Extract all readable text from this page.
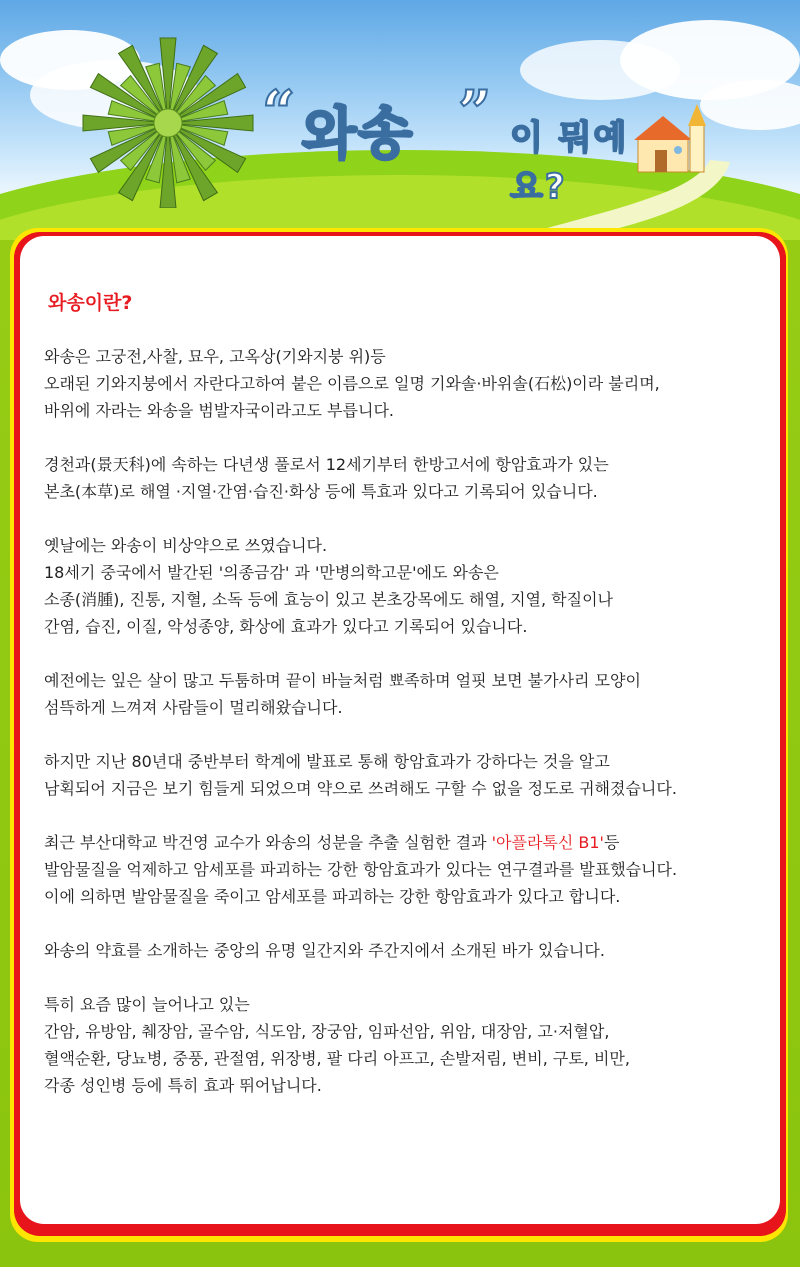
“ 와송 ” 이 뭐예요?
와송이란?

와송은 고궁전,사찰, 묘우, 고옥상(기와지붕 위)등
오래된 기와지붕에서 자란다고하여 붙은 이름으로 일명 기와솔·바위솔(石松)이라 불리며,
바위에 자라는 와송을 범발자국이라고도 부릅니다.

경천과(景天科)에 속하는 다년생 풀로서 12세기부터 한방고서에 항암효과가 있는
본초(本草)로 해열 ·지열·간염·습진·화상 등에 특효과 있다고 기록되어 있습니다.

옛날에는 와송이 비상약으로 쓰였습니다.
18세기 중국에서 발간된 '의종금감' 과 '만병의학고문'에도 와송은
소종(消腫), 진통, 지혈, 소독 등에 효능이 있고 본초강목에도 해열, 지열, 학질이나
간염, 습진, 이질, 악성종양, 화상에 효과가 있다고 기록되어 있습니다.

예전에는 잎은 살이 많고 두툼하며 끝이 바늘처럼 뾰족하며 얼핏 보면 불가사리 모양이
섬뜩하게 느껴져 사람들이 멀리해왔습니다.

하지만 지난 80년대 중반부터 학계에 발표로 통해 항암효과가 강하다는 것을 알고
남획되어 지금은 보기 힘들게 되었으며 약으로 쓰려해도 구할 수 없을 정도로 귀해졌습니다.

최근 부산대학교 박건영 교수가 와송의 성분을 추출 실험한 결과 '아플라톡신 B1'등
발암물질을 억제하고 암세포를 파괴하는 강한 항암효과가 있다는 연구결과를 발표했습니다.
이에 의하면 발암물질을 죽이고 암세포를 파괴하는 강한 항암효과가 있다고 합니다.

와송의 약효를 소개하는 중앙의 유명 일간지와 주간지에서 소개된 바가 있습니다.

특히 요즘 많이 늘어나고 있는
간암, 유방암, 췌장암, 골수암, 식도암, 장궁암, 임파선암, 위암, 대장암, 고·저혈압,
혈액순환, 당뇨병, 중풍, 관절염, 위장병, 팔 다리 아프고, 손발저림, 변비, 구토, 비만,
각종 성인병 등에 특히 효과 뛰어납니다.
